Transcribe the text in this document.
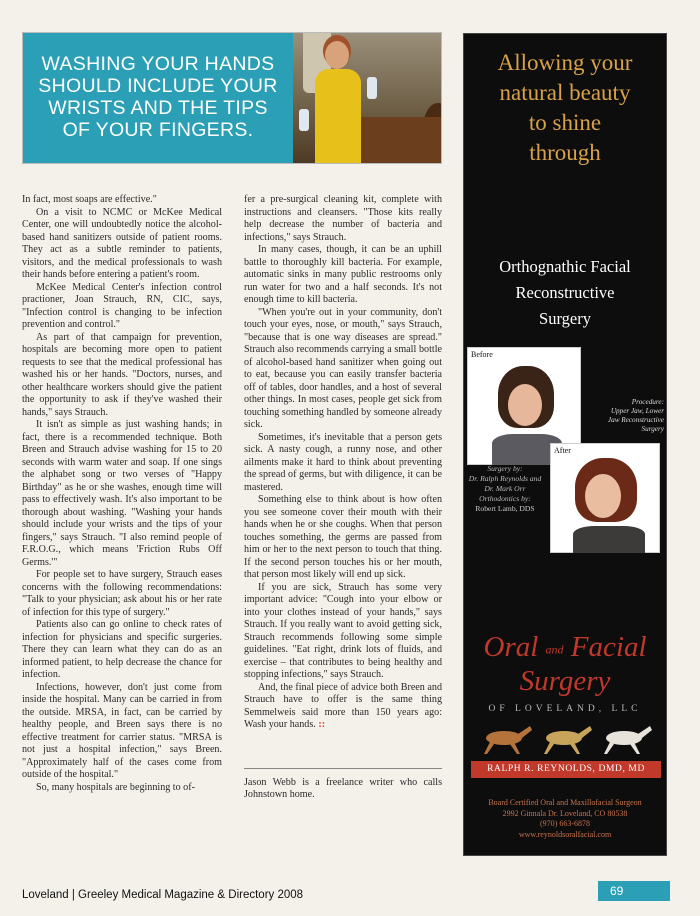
WASHING YOUR HANDS
SHOULD INCLUDE YOUR
WRISTS AND THE TIPS
OF YOUR FINGERS.

In fact, most soaps are effective."

On a visit to NCMC or McKee Medical Center, one will undoubtedly notice the alcohol-based hand sanitizers outside of patient rooms. They act as a subtle reminder to patients, visitors, and the medical professionals to wash their hands before entering a patient's room.

McKee Medical Center's infection control practioner, Joan Strauch, RN, CIC, says, "Infection control is changing to be infection prevention and control."

As part of that campaign for prevention, hospitals are becoming more open to patient requests to see that the medical professional has washed his or her hands. "Doctors, nurses, and other healthcare workers should give the patient the opportunity to ask if they've washed their hands," says Strauch.

It isn't as simple as just washing hands; in fact, there is a recommended technique. Both Breen and Strauch advise washing for 15 to 20 seconds with warm water and soap. If one sings the alphabet song or two verses of "Happy Birthday" as he or she washes, enough time will pass to effectively wash. It's also important to be thorough about washing. "Washing your hands should include your wrists and the tips of your fingers," says Strauch. "I also remind people of F.R.O.G., which means 'Friction Rubs Off Germs.'"

For people set to have surgery, Strauch eases concerns with the following recommendations: "Talk to your physician; ask about his or her rate of infection for this type of surgery."

Patients also can go online to check rates of infection for physicians and specific surgeries. There they can learn what they can do as an informed patient, to help decrease the chance for infection.

Infections, however, don't just come from inside the hospital. Many can be carried in from the outside. MRSA, in fact, can be carried by healthy people, and Breen says there is no effective treatment for carrier status. "MRSA is not just a hospital infection," says Breen. "Approximately half of the cases come from outside of the hospital."

So, many hospitals are beginning to of-

fer a pre-surgical cleaning kit, complete with instructions and cleansers. "Those kits really help decrease the number of bacteria and infections," says Strauch.

In many cases, though, it can be an uphill battle to thoroughly kill bacteria. For example, automatic sinks in many public restrooms only run water for two and a half seconds. It's not enough time to kill bacteria.

"When you're out in your community, don't touch your eyes, nose, or mouth," says Strauch, "because that is one way diseases are spread." Strauch also recommends carrying a small bottle of alcohol-based hand sanitizer when going out to eat, because you can easily transfer bacteria off of tables, door handles, and a host of several other things. In most cases, people get sick from touching something handled by someone already sick.

Sometimes, it's inevitable that a person gets sick. A nasty cough, a runny nose, and other ailments make it hard to think about preventing the spread of germs, but with diligence, it can be mastered.

Something else to think about is how often you see someone cover their mouth with their hands when he or she coughs. When that person touches something, the germs are passed from him or her to the next person to touch that thing. If the second person touches his or her mouth, that person most likely will end up sick.

If you are sick, Strauch has some very important advice: "Cough into your elbow or into your clothes instead of your hands," says Strauch. If you really want to avoid getting sick, Strauch recommends following some simple guidelines. "Eat right, drink lots of fluids, and exercise – that contributes to being healthy and stopping infections," says Strauch.

And, the final piece of advice both Breen and Strauch have to offer is the same thing Semmelweis said more than 150 years ago: Wash your hands. ::

Jason Webb is a freelance writer who calls Johnstown home.

Allowing your
natural beauty
to shine
through
Orthognathic Facial
Reconstructive
Surgery
Before
Procedure:
Upper Jaw, Lower
Jaw Reconstructive
Surgery
After
Surgery by:
Dr. Ralph Reynolds and Dr. Mark Orr
Orthodontics by:
Robert Lamb, DDS
Oral and Facial
Surgery
OF LOVELAND, LLC
RALPH R. REYNOLDS, DMD, MD
Board Certified Oral and Maxillofacial Surgeon
2992 Ginnala Dr. Loveland, CO 80538
(970) 663-6878
www.reynoldsoralfacial.com
Loveland | Greeley Medical Magazine & Directory 2008	69
